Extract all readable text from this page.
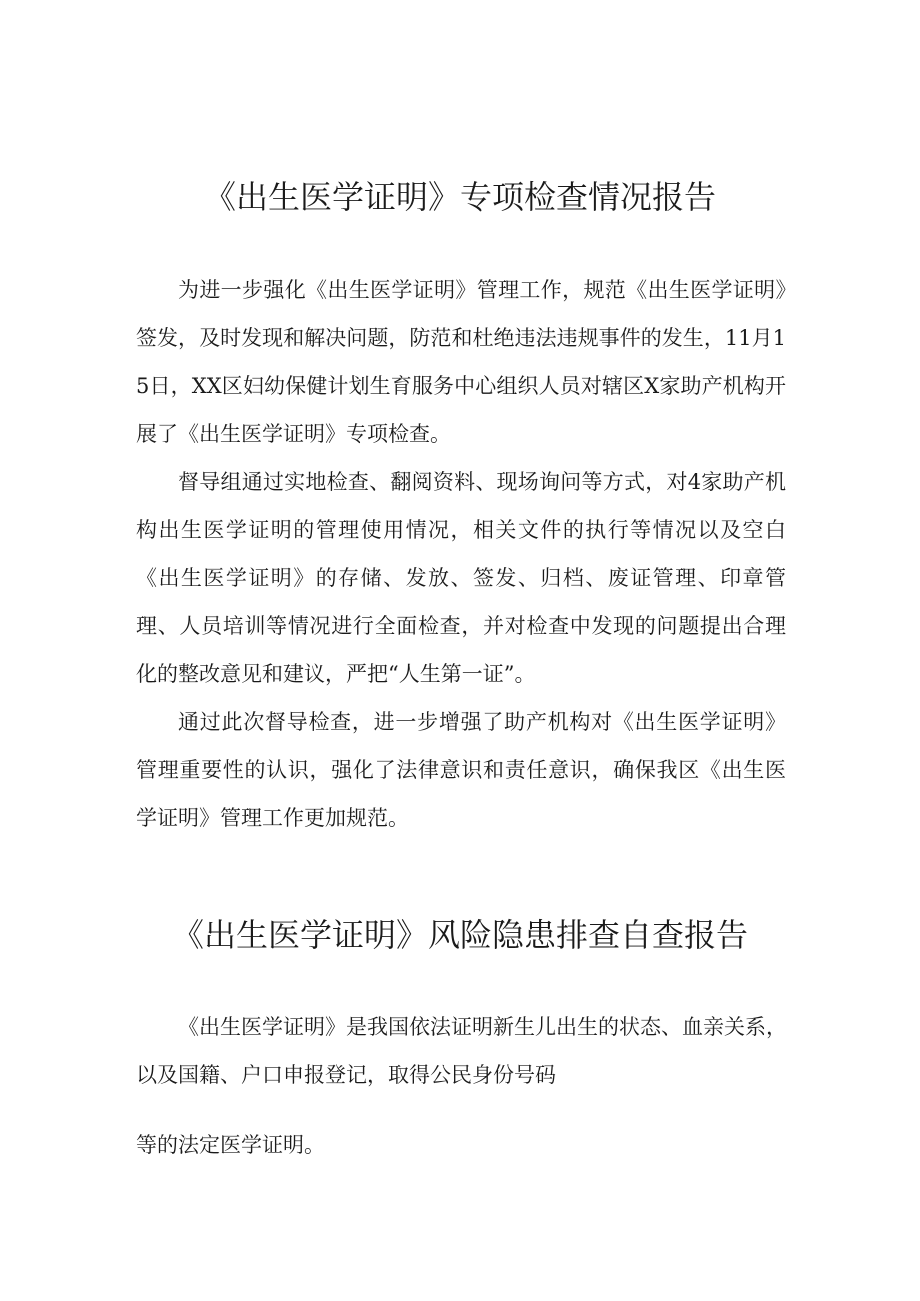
《出生医学证明》专项检查情况报告

为进一步强化《出生医学证明》管理工作，规范《出生医学证明》签发，及时发现和解决问题，防范和杜绝违法违规事件的发生，11月15日，XX区妇幼保健计划生育服务中心组织人员对辖区X家助产机构开展了《出生医学证明》专项检查。

督导组通过实地检查、翻阅资料、现场询问等方式，对4家助产机构出生医学证明的管理使用情况，相关文件的执行等情况以及空白《出生医学证明》的存储、发放、签发、归档、废证管理、印章管理、人员培训等情况进行全面检查，并对检查中发现的问题提出合理化的整改意见和建议，严把“人生第一证”。

通过此次督导检查，进一步增强了助产机构对《出生医学证明》管理重要性的认识，强化了法律意识和责任意识，确保我区《出生医学证明》管理工作更加规范。

《出生医学证明》风险隐患排查自查报告

《出生医学证明》是我国依法证明新生儿出生的状态、血亲关系，以及国籍、户口申报登记，取得公民身份号码

等的法定医学证明。
